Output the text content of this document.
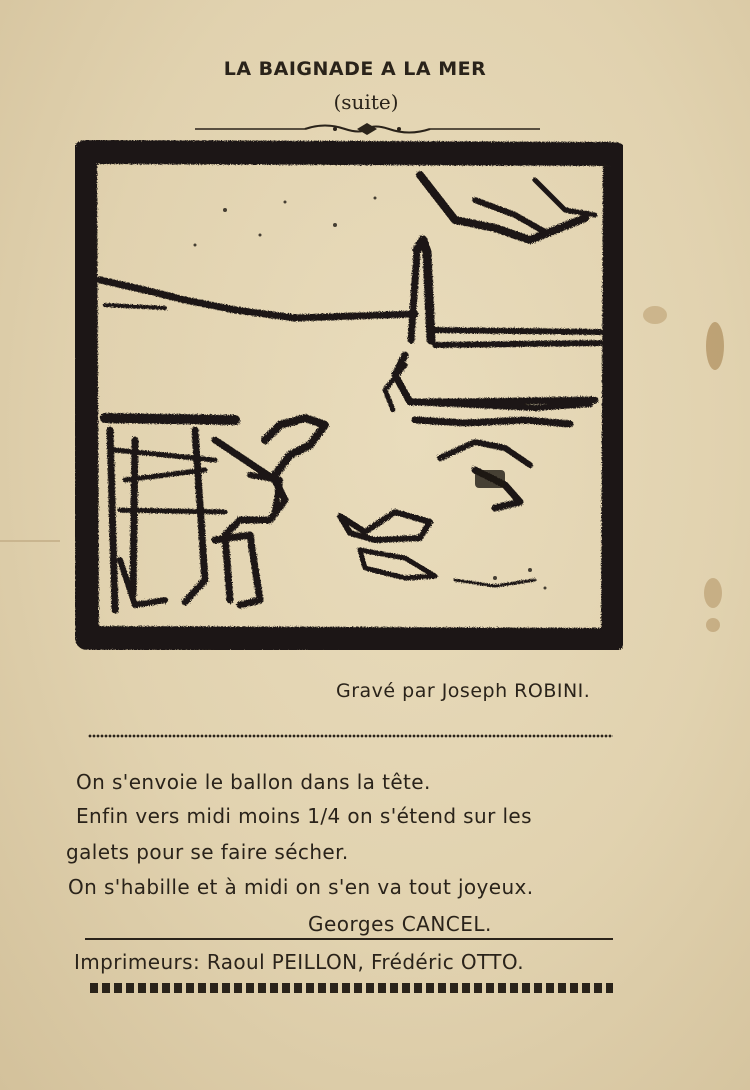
LA BAIGNADE A LA MER
(suite)
Gravé par Joseph ROBINI.
On s'envoie le ballon dans la tête.
Enfin vers midi moins 1/4 on s'étend sur les
galets pour se faire sécher.
On s'habille et à midi on s'en va tout joyeux.
Georges CANCEL.
Imprimeurs: Raoul PEILLON, Frédéric OTTO.
